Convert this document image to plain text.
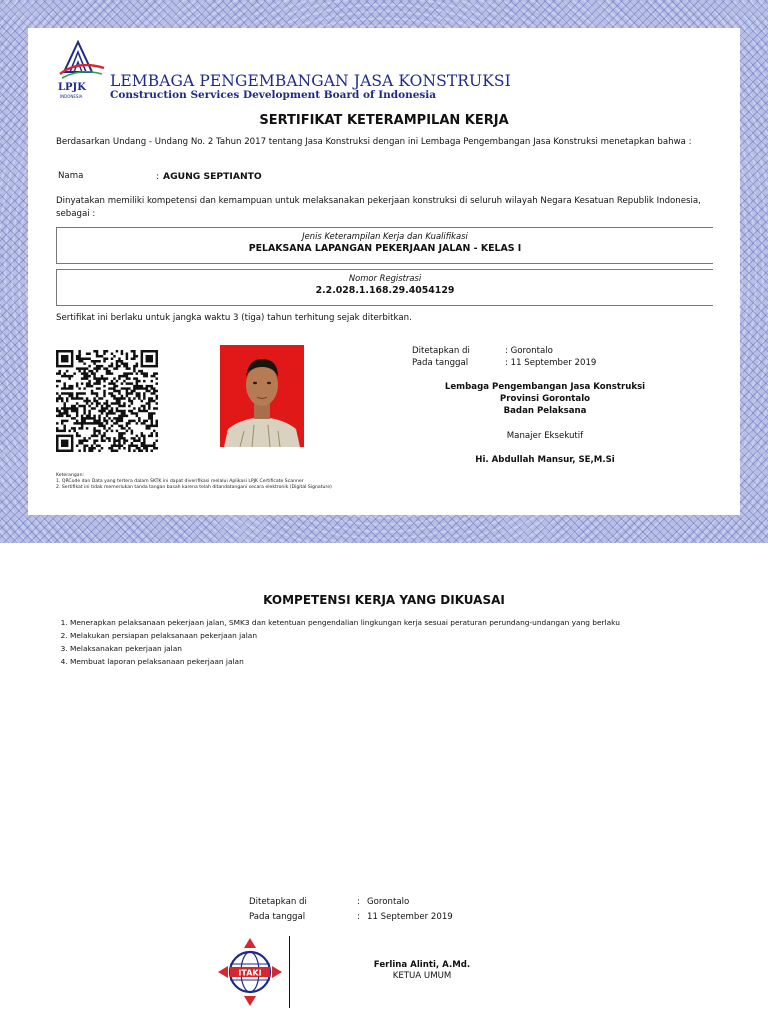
LPJK
INDONESIA
LEMBAGA PENGEMBANGAN JASA KONSTRUKSI
Construction Services Development Board of Indonesia
SERTIFIKAT KETERAMPILAN KERJA
Berdasarkan Undang - Undang No. 2 Tahun 2017 tentang Jasa Konstruksi dengan ini Lembaga Pengembangan Jasa Konstruksi menetapkan bahwa :
Nama	: AGUNG SEPTIANTO
Dinyatakan memiliki kompetensi dan kemampuan untuk melaksanakan pekerjaan konstruksi di seluruh wilayah Negara Kesatuan Republik Indonesia, sebagai :
Jenis Keterampilan Kerja dan Kualifikasi
PELAKSANA LAPANGAN PEKERJAAN JALAN - KELAS I
Nomor Registrasi
2.2.028.1.168.29.4054129
Sertifikat ini berlaku untuk jangka waktu 3 (tiga) tahun terhitung sejak diterbitkan.
Ditetapkan di	: Gorontalo
Pada tanggal	: 11 September 2019
Lembaga Pengembangan Jasa Konstruksi
Provinsi Gorontalo
Badan Pelaksana
Manajer Eksekutif
Hi. Abdullah Mansur, SE,M.Si
Keterangan:
1. QRCode dan Data yang tertera dalam SKTK ini dapat diverifikasi melalui Aplikasi LPJK Certificate Scanner
2. Sertifikat ini tidak memerlukan tanda tangan basah karena telah ditandatangani secara elektronik (Digital Signature)
KOMPETENSI KERJA YANG DIKUASAI
1. Menerapkan pelaksanaan pekerjaan jalan, SMK3 dan ketentuan pengendalian lingkungan kerja sesuai peraturan perundang-undangan yang berlaku
2. Melakukan persiapan pelaksanaan pekerjaan jalan
3. Melaksanakan pekerjaan jalan
4. Membuat laporan pelaksanaan pekerjaan jalan
Ditetapkan di	: Gorontalo
Pada tanggal	: 11 September 2019
ITAKI
Ferlina Alinti, A.Md.
KETUA UMUM
